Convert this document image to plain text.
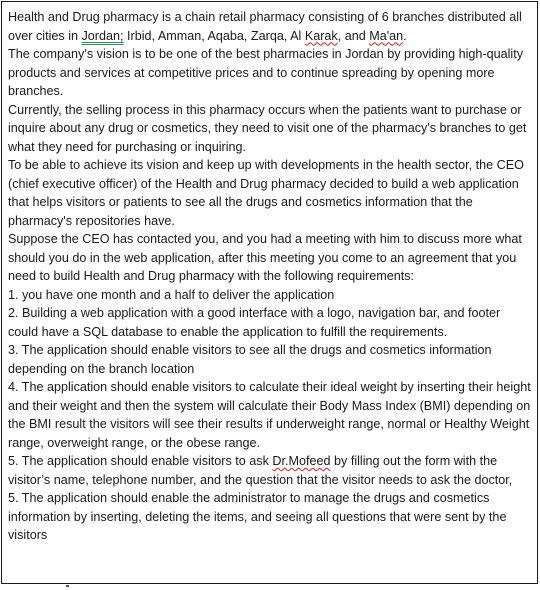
Health and Drug pharmacy is a chain retail pharmacy consisting of 6 branches distributed all over cities in Jordan; Irbid, Amman, Aqaba, Zarqa, Al Karak, and Ma'an.

The company’s vision is to be one of the best pharmacies in Jordan by providing high-quality products and services at competitive prices and to continue spreading by opening more branches.

Currently, the selling process in this pharmacy occurs when the patients want to purchase or inquire about any drug or cosmetics, they need to visit one of the pharmacy's branches to get what they need for purchasing or inquiring.

To be able to achieve its vision and keep up with developments in the health sector, the CEO (chief executive officer) of the Health and Drug pharmacy decided to build a web application that helps visitors or patients to see all the drugs and cosmetics information that the pharmacy's repositories have.

Suppose the CEO has contacted you, and you had a meeting with him to discuss more what should you do in the web application, after this meeting you come to an agreement that you need to build Health and Drug pharmacy with the following requirements:

1. you have one month and a half to deliver the application

2. Building a web application with a good interface with a logo, navigation bar, and footer could have a SQL database to enable the application to fulfill the requirements.

3. The application should enable visitors to see all the drugs and cosmetics information depending on the branch location

4. The application should enable visitors to calculate their ideal weight by inserting their height and their weight and then the system will calculate their Body Mass Index (BMI) depending on the BMI result the visitors will see their results if underweight range, normal or Healthy Weight range, overweight range, or the obese range.

5. The application should enable visitors to ask Dr.Mofeed by filling out the form with the visitor’s name, telephone number, and the question that the visitor needs to ask the doctor,

5. The application should enable the administrator to manage the drugs and cosmetics information by inserting, deleting the items, and seeing all questions that were sent by the visitors
